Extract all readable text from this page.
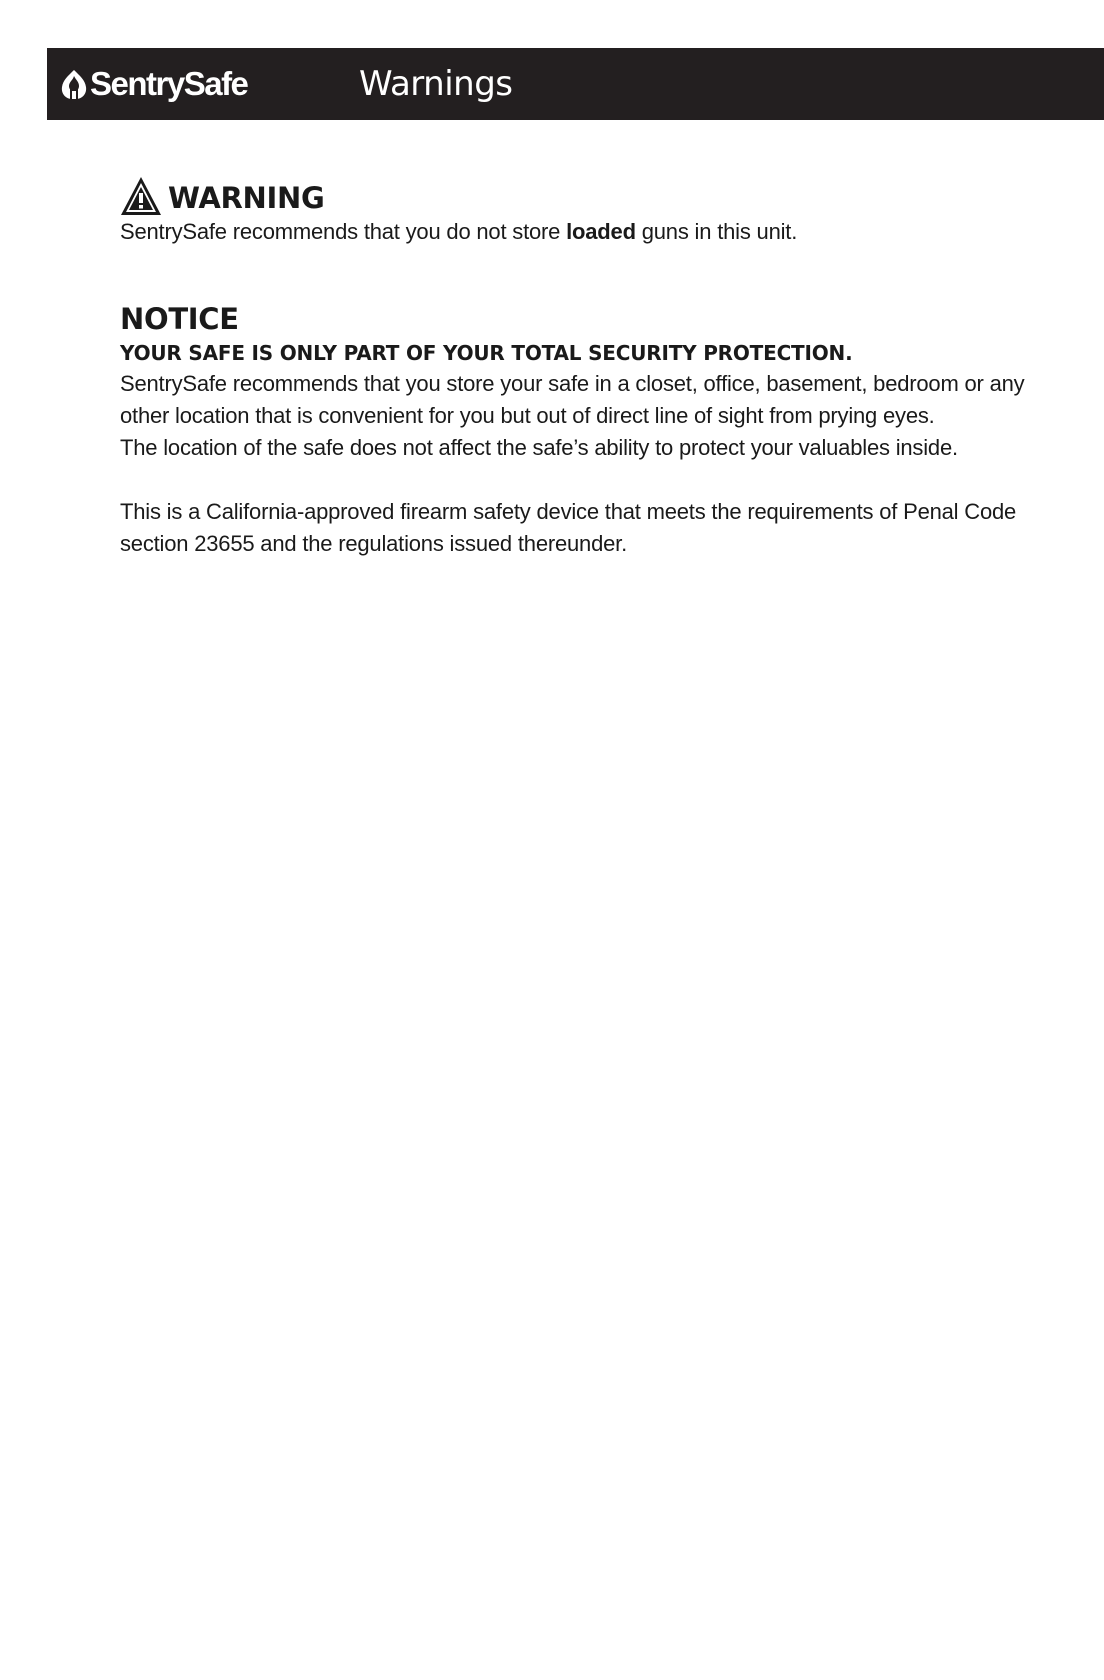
SentrySafe	Warnings
WARNING
SentrySafe recommends that you do not store loaded guns in this unit.
NOTICE
YOUR SAFE IS ONLY PART OF YOUR TOTAL SECURITY PROTECTION.
SentrySafe recommends that you store your safe in a closet, office, basement, bedroom or any
other location that is convenient for you but out of direct line of sight from prying eyes.
The location of the safe does not affect the safe’s ability to protect your valuables inside.
This is a California-approved firearm safety device that meets the requirements of Penal Code
section 23655 and the regulations issued thereunder.
